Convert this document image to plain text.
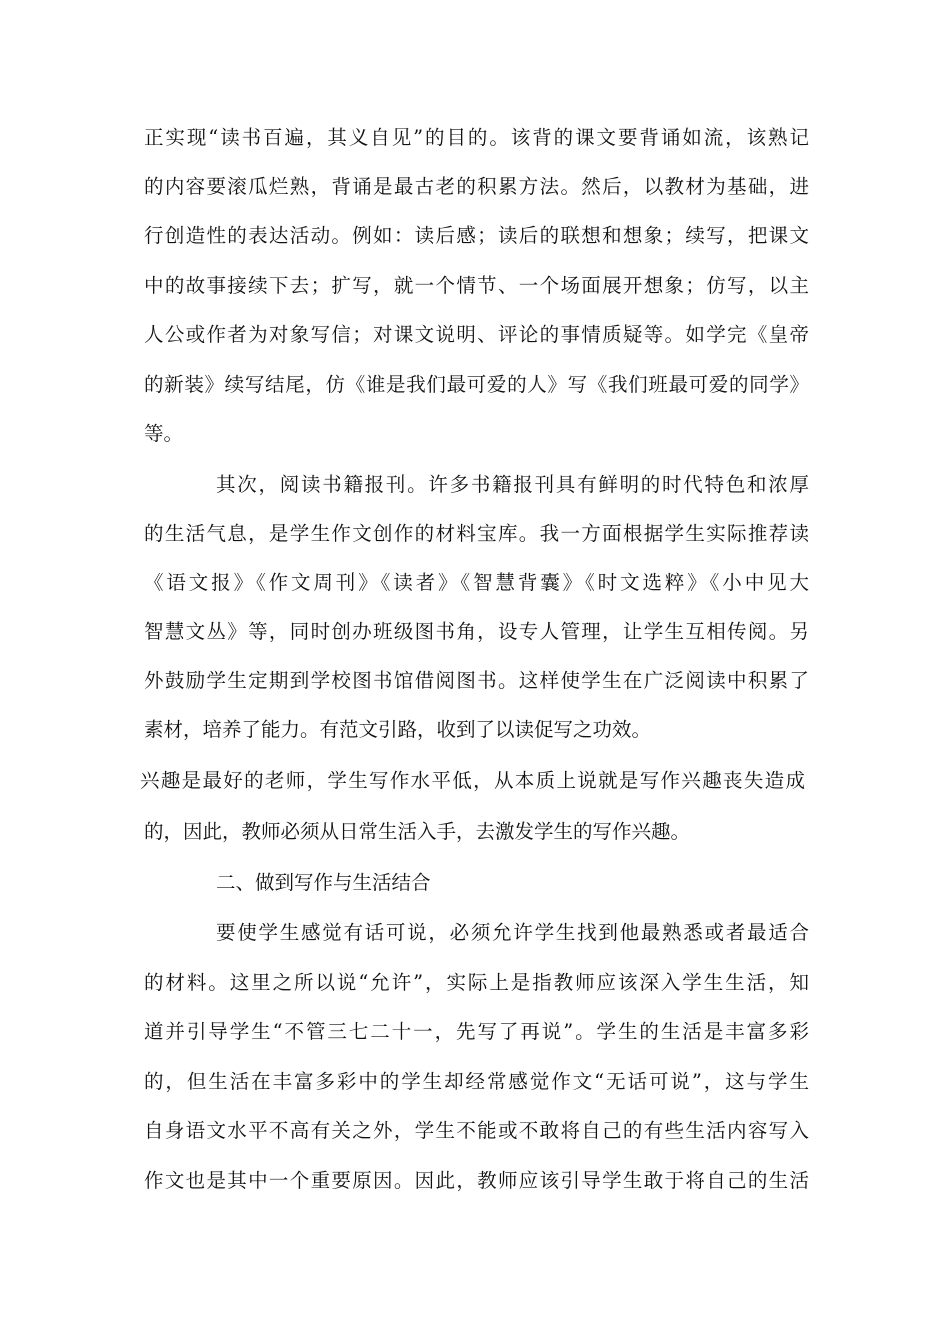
正实现“读书百遍，其义自见”的目的。该背的课文要背诵如流，该熟记
的内容要滚瓜烂熟，背诵是最古老的积累方法。然后，以教材为基础，进
行创造性的表达活动。例如：读后感；读后的联想和想象；续写，把课文
中的故事接续下去；扩写，就一个情节、一个场面展开想象；仿写，以主
人公或作者为对象写信；对课文说明、评论的事情质疑等。如学完《皇帝
的新装》续写结尾，仿《谁是我们最可爱的人》写《我们班最可爱的同学》
等。
其次，阅读书籍报刊。许多书籍报刊具有鲜明的时代特色和浓厚
的生活气息，是学生作文创作的材料宝库。我一方面根据学生实际推荐读
《语文报》《作文周刊》《读者》《智慧背囊》《时文选粹》《小中见大
智慧文丛》等，同时创办班级图书角，设专人管理，让学生互相传阅。另
外鼓励学生定期到学校图书馆借阅图书。这样使学生在广泛阅读中积累了
素材，培养了能力。有范文引路，收到了以读促写之功效。
兴趣是最好的老师，学生写作水平低，从本质上说就是写作兴趣丧失造成
的，因此，教师必须从日常生活入手，去激发学生的写作兴趣。
二、做到写作与生活结合
要使学生感觉有话可说，必须允许学生找到他最熟悉或者最适合
的材料。这里之所以说“允许”，实际上是指教师应该深入学生生活，知
道并引导学生“不管三七二十一，先写了再说”。学生的生活是丰富多彩
的，但生活在丰富多彩中的学生却经常感觉作文“无话可说”，这与学生
自身语文水平不高有关之外，学生不能或不敢将自己的有些生活内容写入
作文也是其中一个重要原因。因此，教师应该引导学生敢于将自己的生活
